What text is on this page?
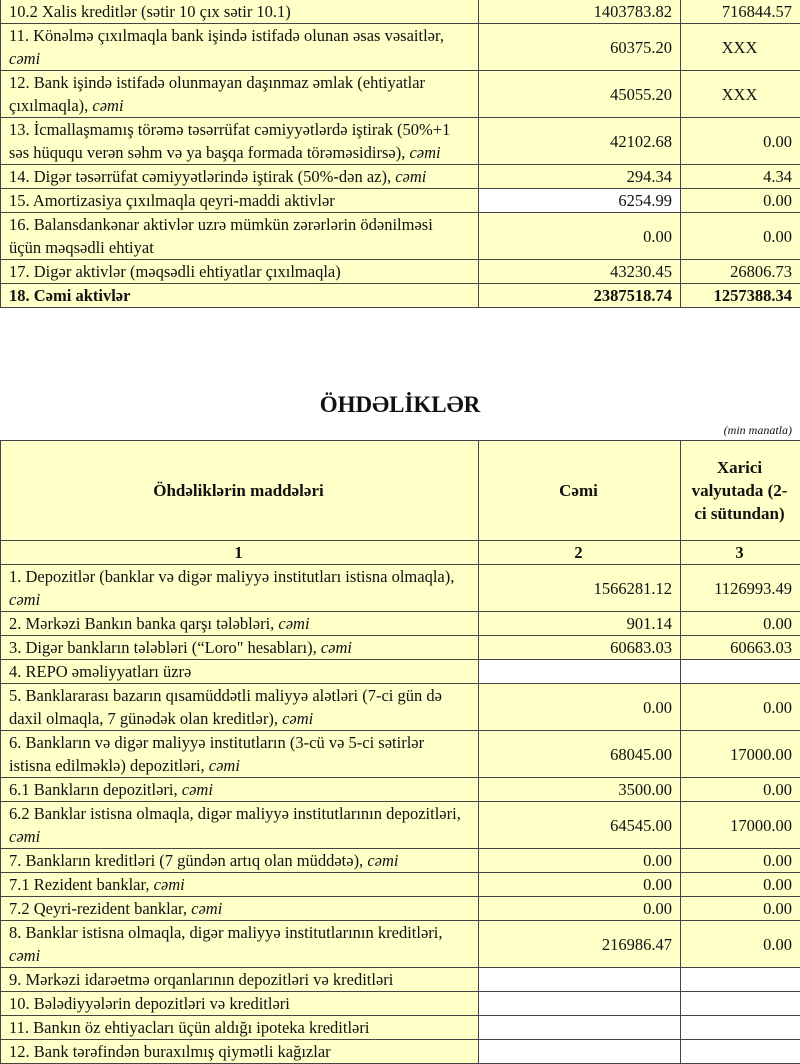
10.2 Xalis kreditlər (sətir 10 çıx sətir 10.1)	1403783.82	716844.57
11. Könəlmə çıxılmaqla bank işində istifadə olunan əsas vəsaitlər, cəmi	60375.20	XXX
12. Bank işində istifadə olunmayan daşınmaz əmlak (ehtiyatlar çıxılmaqla), cəmi	45055.20	XXX
13. İcmallaşmamış törəmə təsərrüfat cəmiyyətlərdə iştirak (50%+1 səs hüququ verən səhm və ya başqa formada törəməsidirsə), cəmi	42102.68	0.00
14. Digər təsərrüfat cəmiyyətlərində iştirak (50%-dən az), cəmi	294.34	4.34
15. Amortizasiya çıxılmaqla qeyri-maddi aktivlər	6254.99	0.00
16. Balansdankənar aktivlər uzrə mümkün zərərlərin ödənilməsi üçün məqsədli ehtiyat	0.00	0.00
17. Digər aktivlər (məqsədli ehtiyatlar çıxılmaqla)	43230.45	26806.73
18. Cəmi aktivlər	2387518.74	1257388.34
ÖHDƏLİKLƏR
(min manatla)
Öhdəliklərin maddələri	Cəmi	Xarici valyutada (2-ci sütundan)
1	2	3
1. Depozitlər (banklar və digər maliyyə institutları istisna olmaqla), cəmi	1566281.12	1126993.49
2. Mərkəzi Bankın banka qarşı tələbləri, cəmi	901.14	0.00
3. Digər bankların tələbləri (“Loro" hesabları), cəmi	60683.03	60663.03
4. REPO əməliyyatları üzrə		
5. Banklararası bazarın qısamüddətli maliyyə alətləri (7-ci gün də daxil olmaqla, 7 günədək olan kreditlər), cəmi	0.00	0.00
6. Bankların və digər maliyyə institutların (3-cü və 5-ci sətirlər istisna edilməklə) depozitləri, cəmi	68045.00	17000.00
6.1 Bankların depozitləri, cəmi	3500.00	0.00
6.2 Banklar istisna olmaqla, digər maliyyə institutlarının depozitləri, cəmi	64545.00	17000.00
7. Bankların kreditləri (7 gündən artıq olan müddətə), cəmi	0.00	0.00
7.1 Rezident banklar, cəmi	0.00	0.00
7.2 Qeyri-rezident banklar, cəmi	0.00	0.00
8. Banklar istisna olmaqla, digər maliyyə institutlarının kreditləri, cəmi	216986.47	0.00
9. Mərkəzi idarəetmə orqanlarının depozitləri və kreditləri		
10. Bələdiyyələrin depozitləri və kreditləri		
11. Bankın öz ehtiyacları üçün aldığı ipoteka kreditləri		
12. Bank tərəfindən buraxılmış qiymətli kağızlar		
